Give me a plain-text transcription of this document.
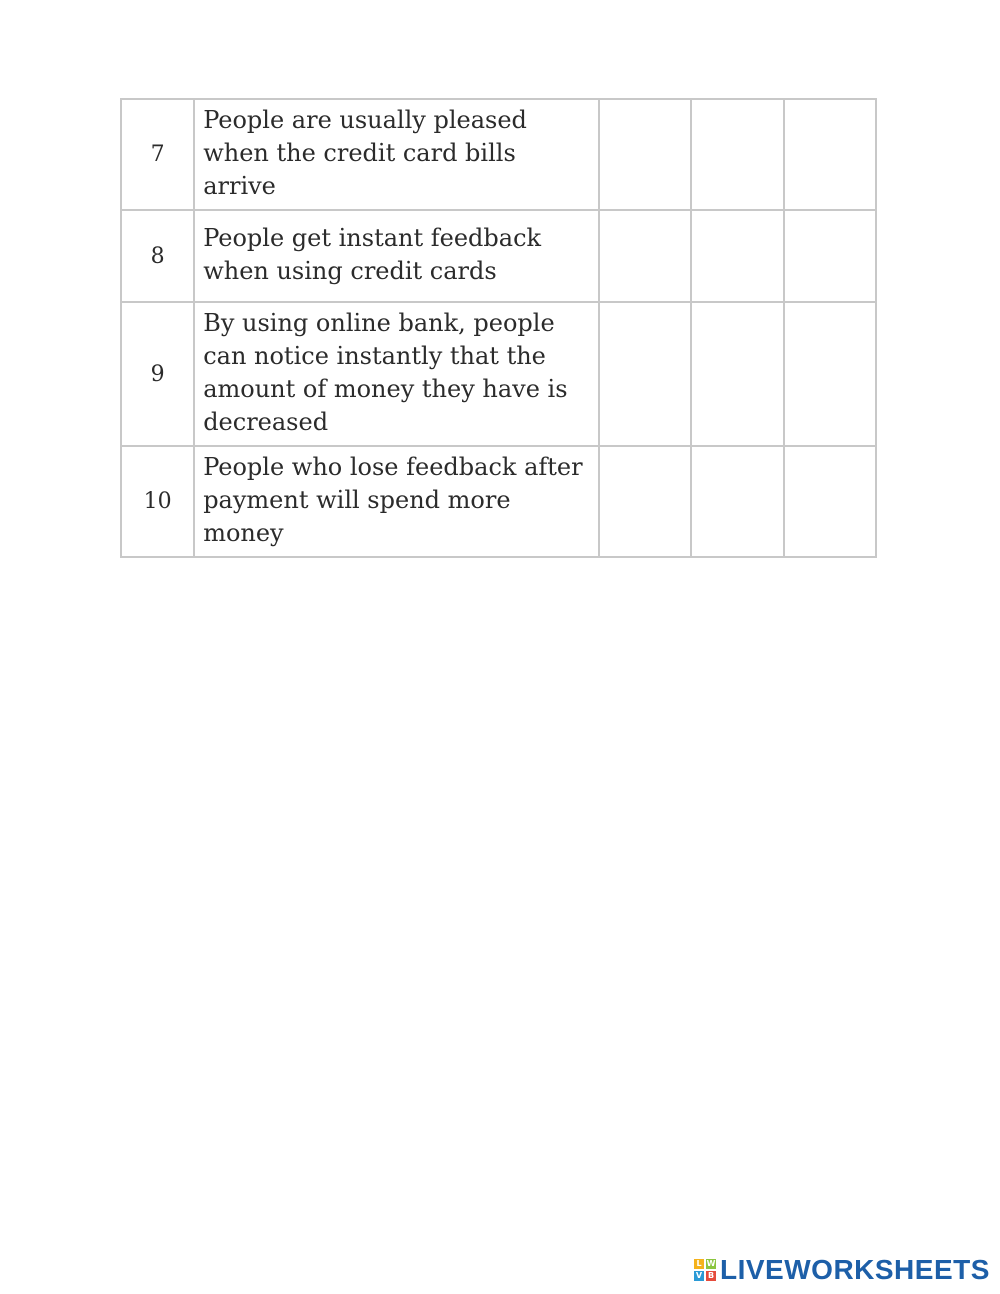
7	People are usually pleased when the credit card bills arrive			
8	People get instant feedback when using credit cards			
9	By using online bank, people can notice instantly that the amount of money they have is decreased			
10	People who lose feedback after payment will spend more money			
L W
V B LIVEWORKSHEETS
